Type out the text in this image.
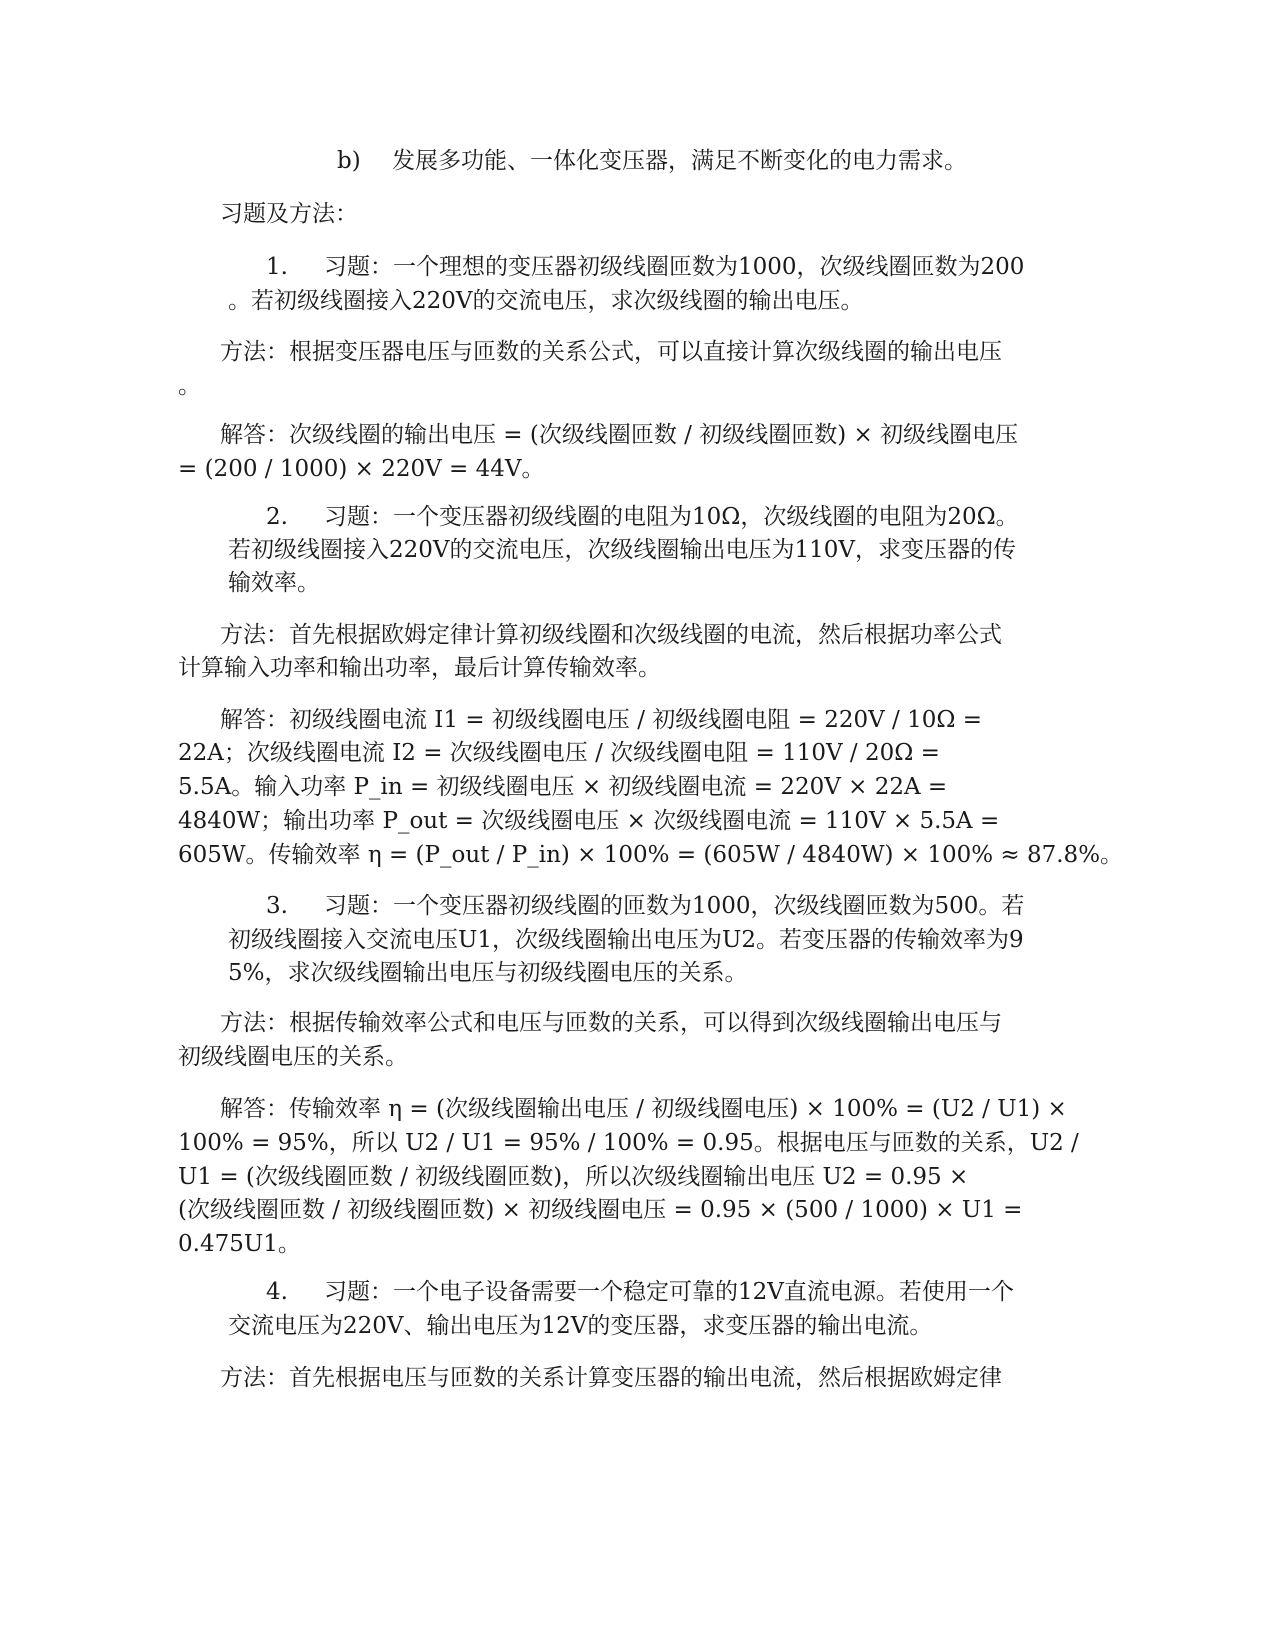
b) 发展多功能、一体化变压器，满足不断变化的电力需求。
习题及方法：
1. 习题：一个理想的变压器初级线圈匝数为1000，次级线圈匝数为200
。若初级线圈接入220V的交流电压，求次级线圈的输出电压。
方法：根据变压器电压与匝数的关系公式，可以直接计算次级线圈的输出电压
。
解答：次级线圈的输出电压 = (次级线圈匝数 / 初级线圈匝数) × 初级线圈电压
= (200 / 1000) × 220V = 44V。
2. 习题：一个变压器初级线圈的电阻为10Ω，次级线圈的电阻为20Ω。
若初级线圈接入220V的交流电压，次级线圈输出电压为110V，求变压器的传
输效率。
方法：首先根据欧姆定律计算初级线圈和次级线圈的电流，然后根据功率公式
计算输入功率和输出功率，最后计算传输效率。
解答：初级线圈电流 I1 = 初级线圈电压 / 初级线圈电阻 = 220V / 10Ω =
22A；次级线圈电流 I2 = 次级线圈电压 / 次级线圈电阻 = 110V / 20Ω =
5.5A。输入功率 P_in = 初级线圈电压 × 初级线圈电流 = 220V × 22A =
4840W；输出功率 P_out = 次级线圈电压 × 次级线圈电流 = 110V × 5.5A =
605W。传输效率 η = (P_out / P_in) × 100% = (605W / 4840W) × 100% ≈ 87.8%。
3. 习题：一个变压器初级线圈的匝数为1000，次级线圈匝数为500。若
初级线圈接入交流电压U1，次级线圈输出电压为U2。若变压器的传输效率为9
5%，求次级线圈输出电压与初级线圈电压的关系。
方法：根据传输效率公式和电压与匝数的关系，可以得到次级线圈输出电压与
初级线圈电压的关系。
解答：传输效率 η = (次级线圈输出电压 / 初级线圈电压) × 100% = (U2 / U1) ×
100% = 95%，所以 U2 / U1 = 95% / 100% = 0.95。根据电压与匝数的关系，U2 /
U1 = (次级线圈匝数 / 初级线圈匝数)，所以次级线圈输出电压 U2 = 0.95 ×
(次级线圈匝数 / 初级线圈匝数) × 初级线圈电压 = 0.95 × (500 / 1000) × U1 =
0.475U1。
4. 习题：一个电子设备需要一个稳定可靠的12V直流电源。若使用一个
交流电压为220V、输出电压为12V的变压器，求变压器的输出电流。
方法：首先根据电压与匝数的关系计算变压器的输出电流，然后根据欧姆定律
